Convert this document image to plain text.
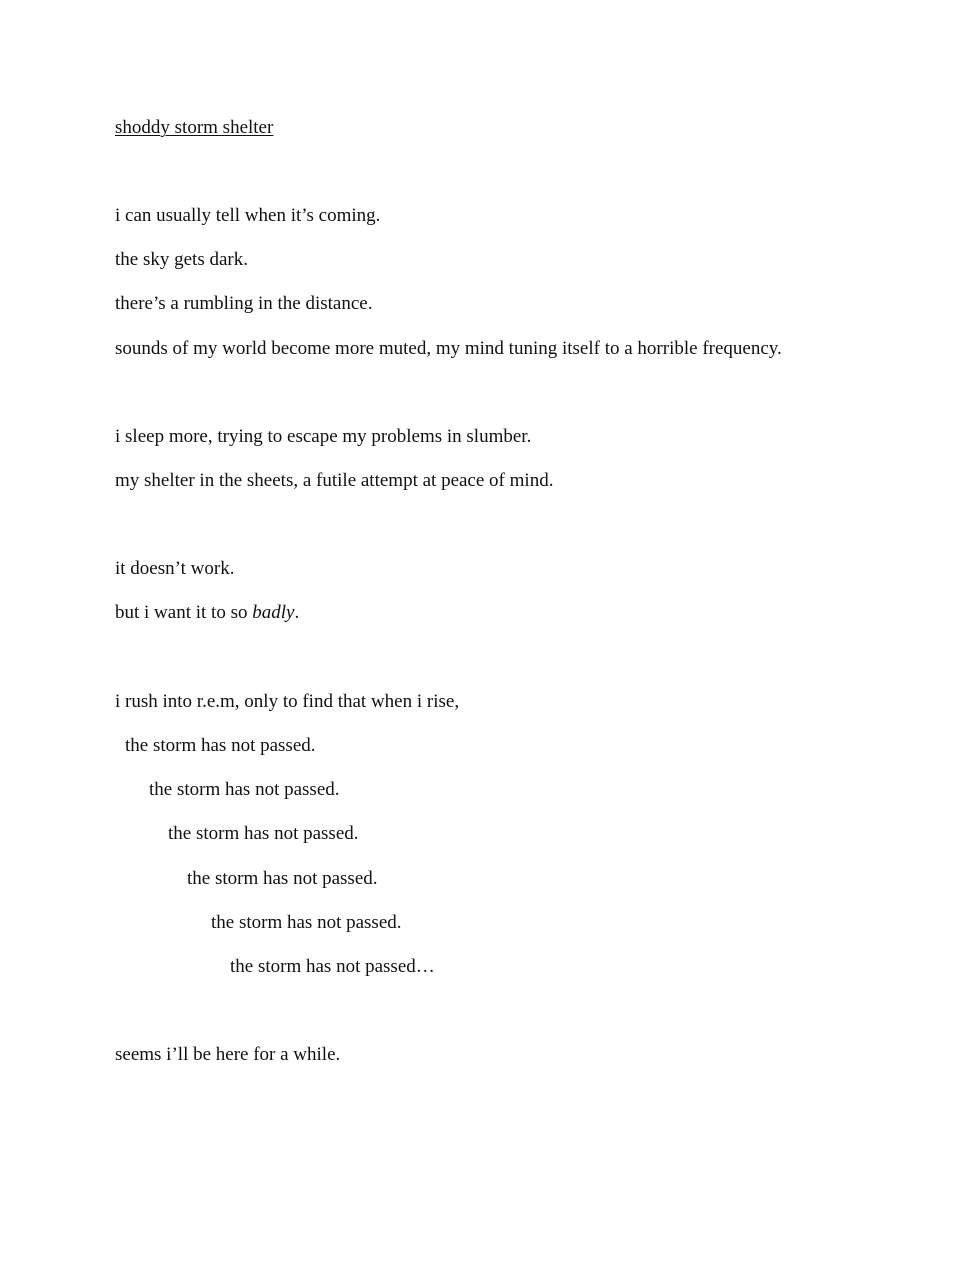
shoddy storm shelter
i can usually tell when it’s coming.
the sky gets dark.
there’s a rumbling in the distance.
sounds of my world become more muted, my mind tuning itself to a horrible frequency.
i sleep more, trying to escape my problems in slumber.
my shelter in the sheets, a futile attempt at peace of mind.
it doesn’t work.
but i want it to so badly.
i rush into r.e.m, only to find that when i rise,
the storm has not passed.
the storm has not passed.
the storm has not passed.
the storm has not passed.
the storm has not passed.
the storm has not passed…
seems i’ll be here for a while.
